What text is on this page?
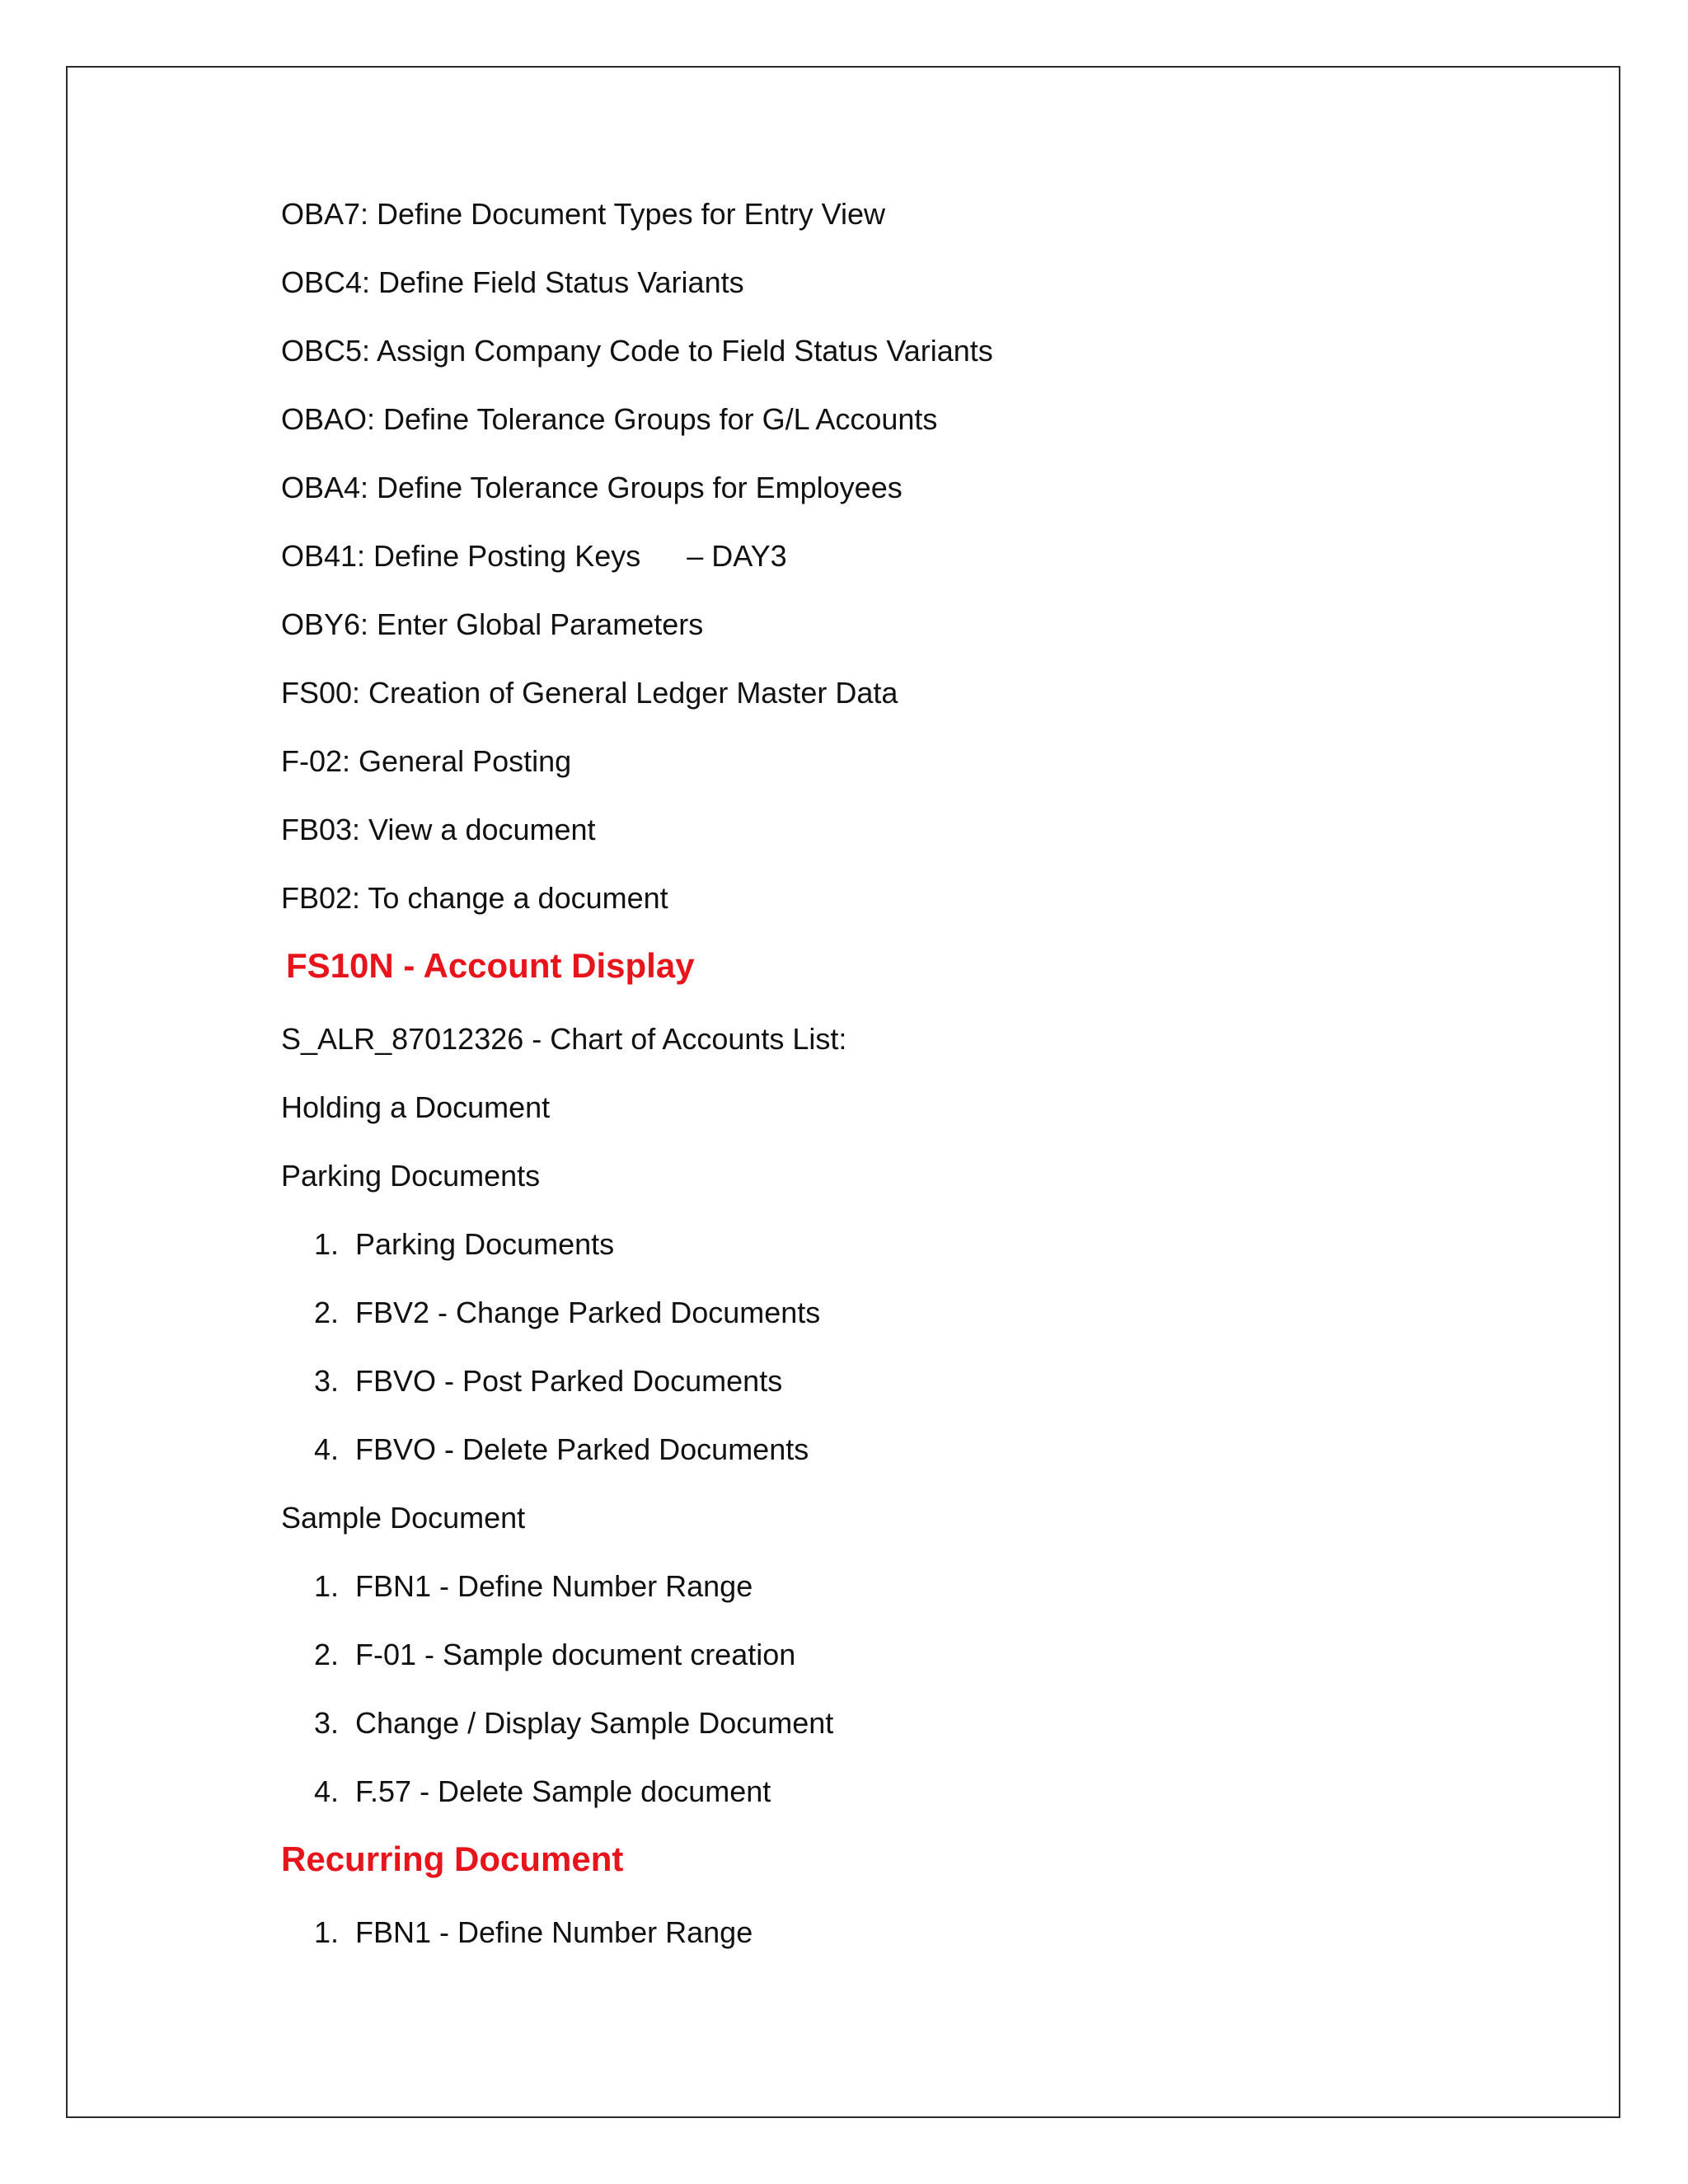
OBA7: Define Document Types for Entry View
OBC4: Define Field Status Variants
OBC5: Assign Company Code to Field Status Variants
OBAO: Define Tolerance Groups for G/L Accounts
OBA4: Define Tolerance Groups for Employees
OB41: Define Posting Keys – DAY3
OBY6: Enter Global Parameters
FS00: Creation of General Ledger Master Data
F-02: General Posting
FB03: View a document
FB02: To change a document
FS10N - Account Display
S_ALR_87012326 - Chart of Accounts List:
Holding a Document
Parking Documents
1. Parking Documents
2. FBV2 - Change Parked Documents
3. FBVO - Post Parked Documents
4. FBVO - Delete Parked Documents
Sample Document
1. FBN1 - Define Number Range
2. F-01 - Sample document creation
3. Change / Display Sample Document
4. F.57 - Delete Sample document
Recurring Document
1. FBN1 - Define Number Range
